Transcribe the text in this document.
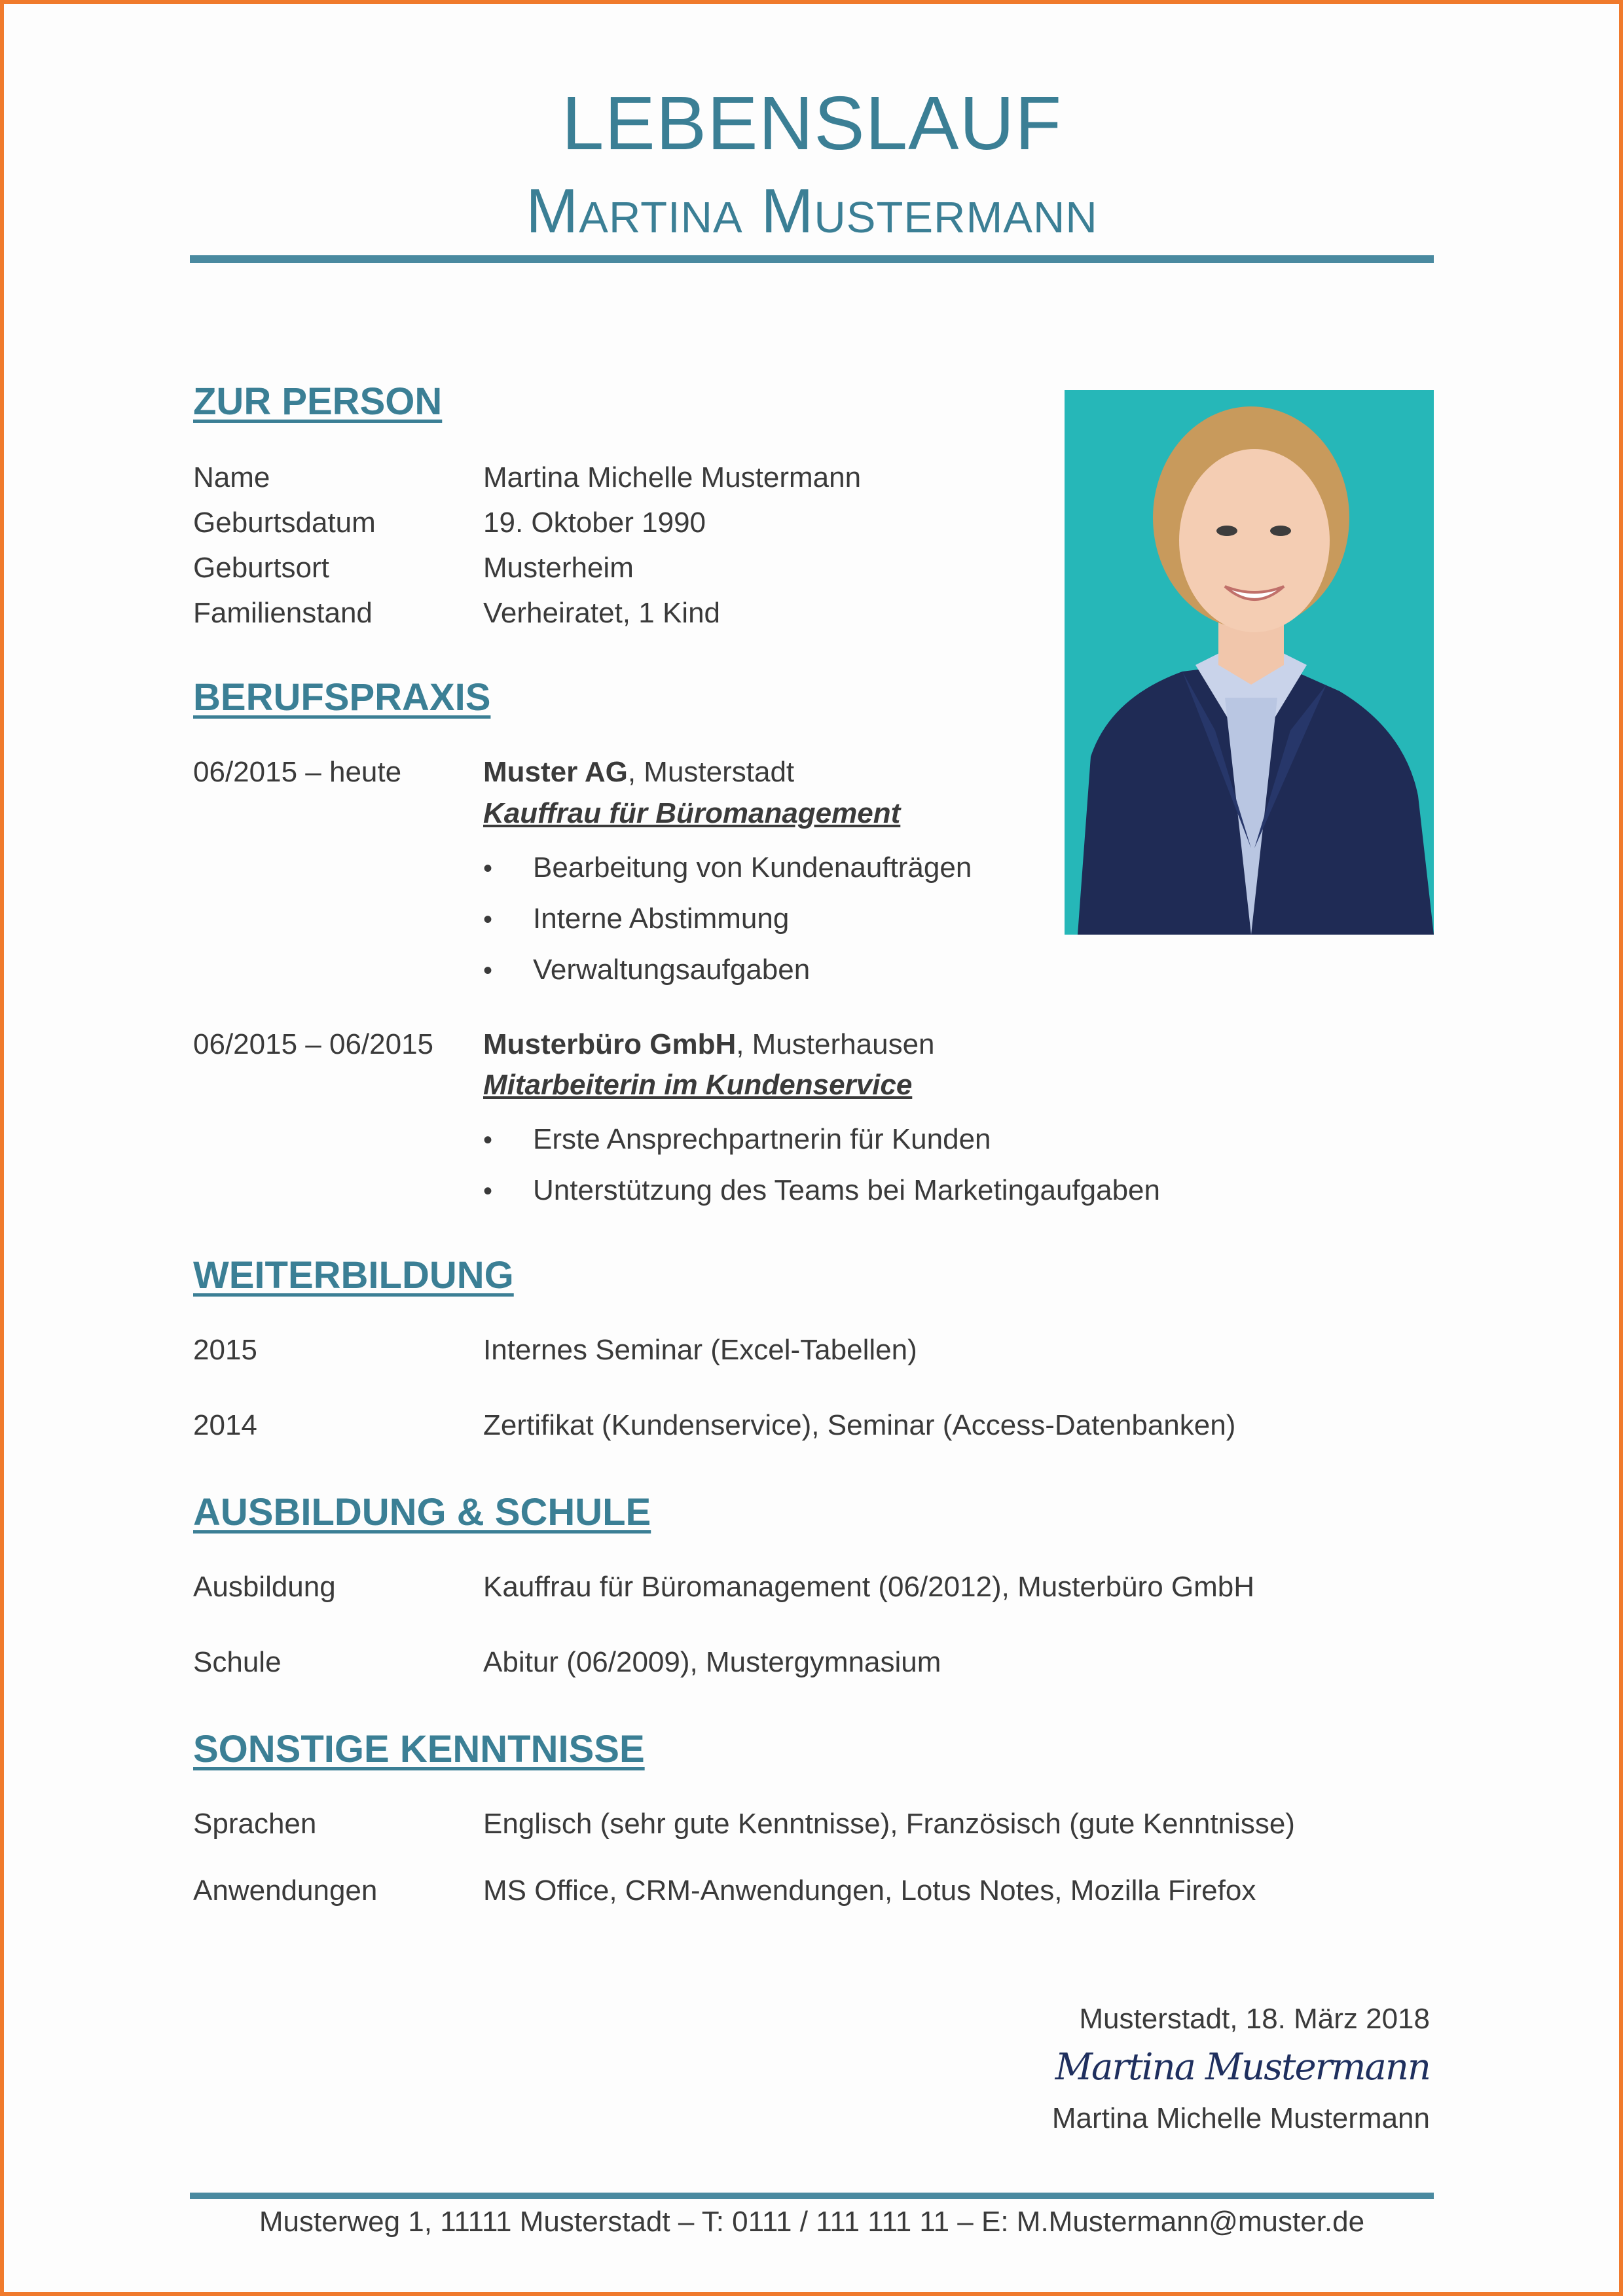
LEBENSLAUF
Martina Mustermann
ZUR PERSON
Name	Martina Michelle Mustermann
Geburtsdatum	19. Oktober 1990
Geburtsort	Musterheim
Familienstand	Verheiratet, 1 Kind
BERUFSPRAXIS
06/2015 – heute	Muster AG, Musterstadt
Kauffrau für Büromanagement
• Bearbeitung von Kundenaufträgen
• Interne Abstimmung
• Verwaltungsaufgaben
06/2015 – 06/2015 Musterbüro GmbH, Musterhausen
Mitarbeiterin im Kundenservice
• Erste Ansprechpartnerin für Kunden
• Unterstützung des Teams bei Marketingaufgaben
WEITERBILDUNG
2015	Internes Seminar (Excel-Tabellen)
2014	Zertifikat (Kundenservice), Seminar (Access-Datenbanken)
AUSBILDUNG & SCHULE
Ausbildung	Kauffrau für Büromanagement (06/2012), Musterbüro GmbH
Schule	Abitur (06/2009), Mustergymnasium
SONSTIGE KENNTNISSE
Sprachen	Englisch (sehr gute Kenntnisse), Französisch (gute Kenntnisse)
Anwendungen	MS Office, CRM-Anwendungen, Lotus Notes, Mozilla Firefox
Musterstadt, 18. März 2018
Martina Mustermann
Martina Michelle Mustermann
Musterweg 1, 11111 Musterstadt – T: 0111 / 111 111 11 – E: M.Mustermann@muster.de
